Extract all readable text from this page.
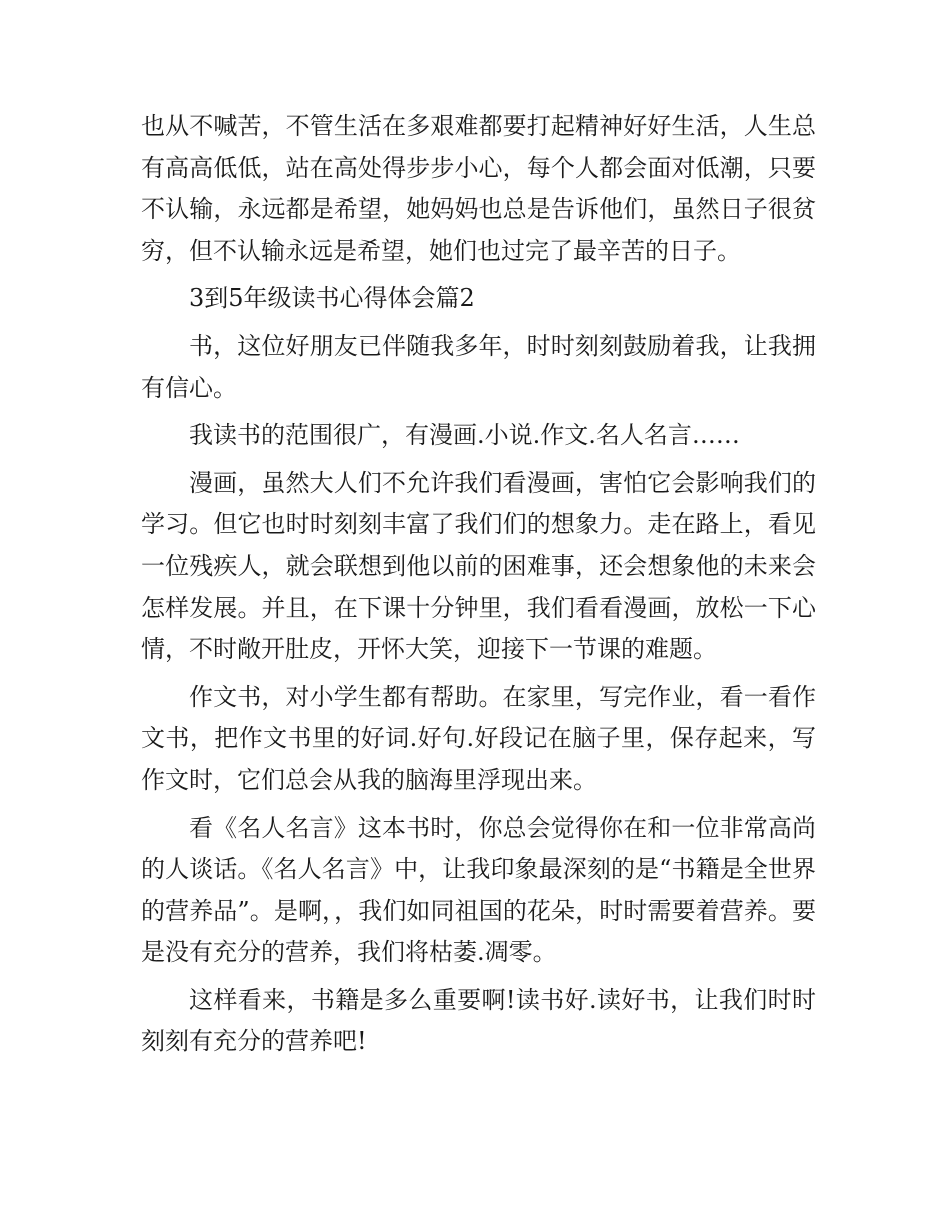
也从不喊苦，不管生活在多艰难都要打起精神好好生活，人生总有高高低低，站在高处得步步小心，每个人都会面对低潮，只要不认输，永远都是希望，她妈妈也总是告诉他们，虽然日子很贫穷，但不认输永远是希望，她们也过完了最辛苦的日子。

3到5年级读书心得体会篇2

书，这位好朋友已伴随我多年，时时刻刻鼓励着我，让我拥有信心。

我读书的范围很广，有漫画.小说.作文.名人名言……

漫画，虽然大人们不允许我们看漫画，害怕它会影响我们的学习。但它也时时刻刻丰富了我们们的想象力。走在路上，看见一位残疾人，就会联想到他以前的困难事，还会想象他的未来会怎样发展。并且，在下课十分钟里，我们看看漫画，放松一下心情，不时敞开肚皮，开怀大笑，迎接下一节课的难题。

作文书，对小学生都有帮助。在家里，写完作业，看一看作文书，把作文书里的好词.好句.好段记在脑子里，保存起来，写作文时，它们总会从我的脑海里浮现出来。

看《名人名言》这本书时，你总会觉得你在和一位非常高尚的人谈话。《名人名言》中，让我印象最深刻的是“书籍是全世界的营养品”。是啊，，我们如同祖国的花朵，时时需要着营养。要是没有充分的营养，我们将枯萎.凋零。

这样看来，书籍是多么重要啊!读书好.读好书，让我们时时刻刻有充分的营养吧!
